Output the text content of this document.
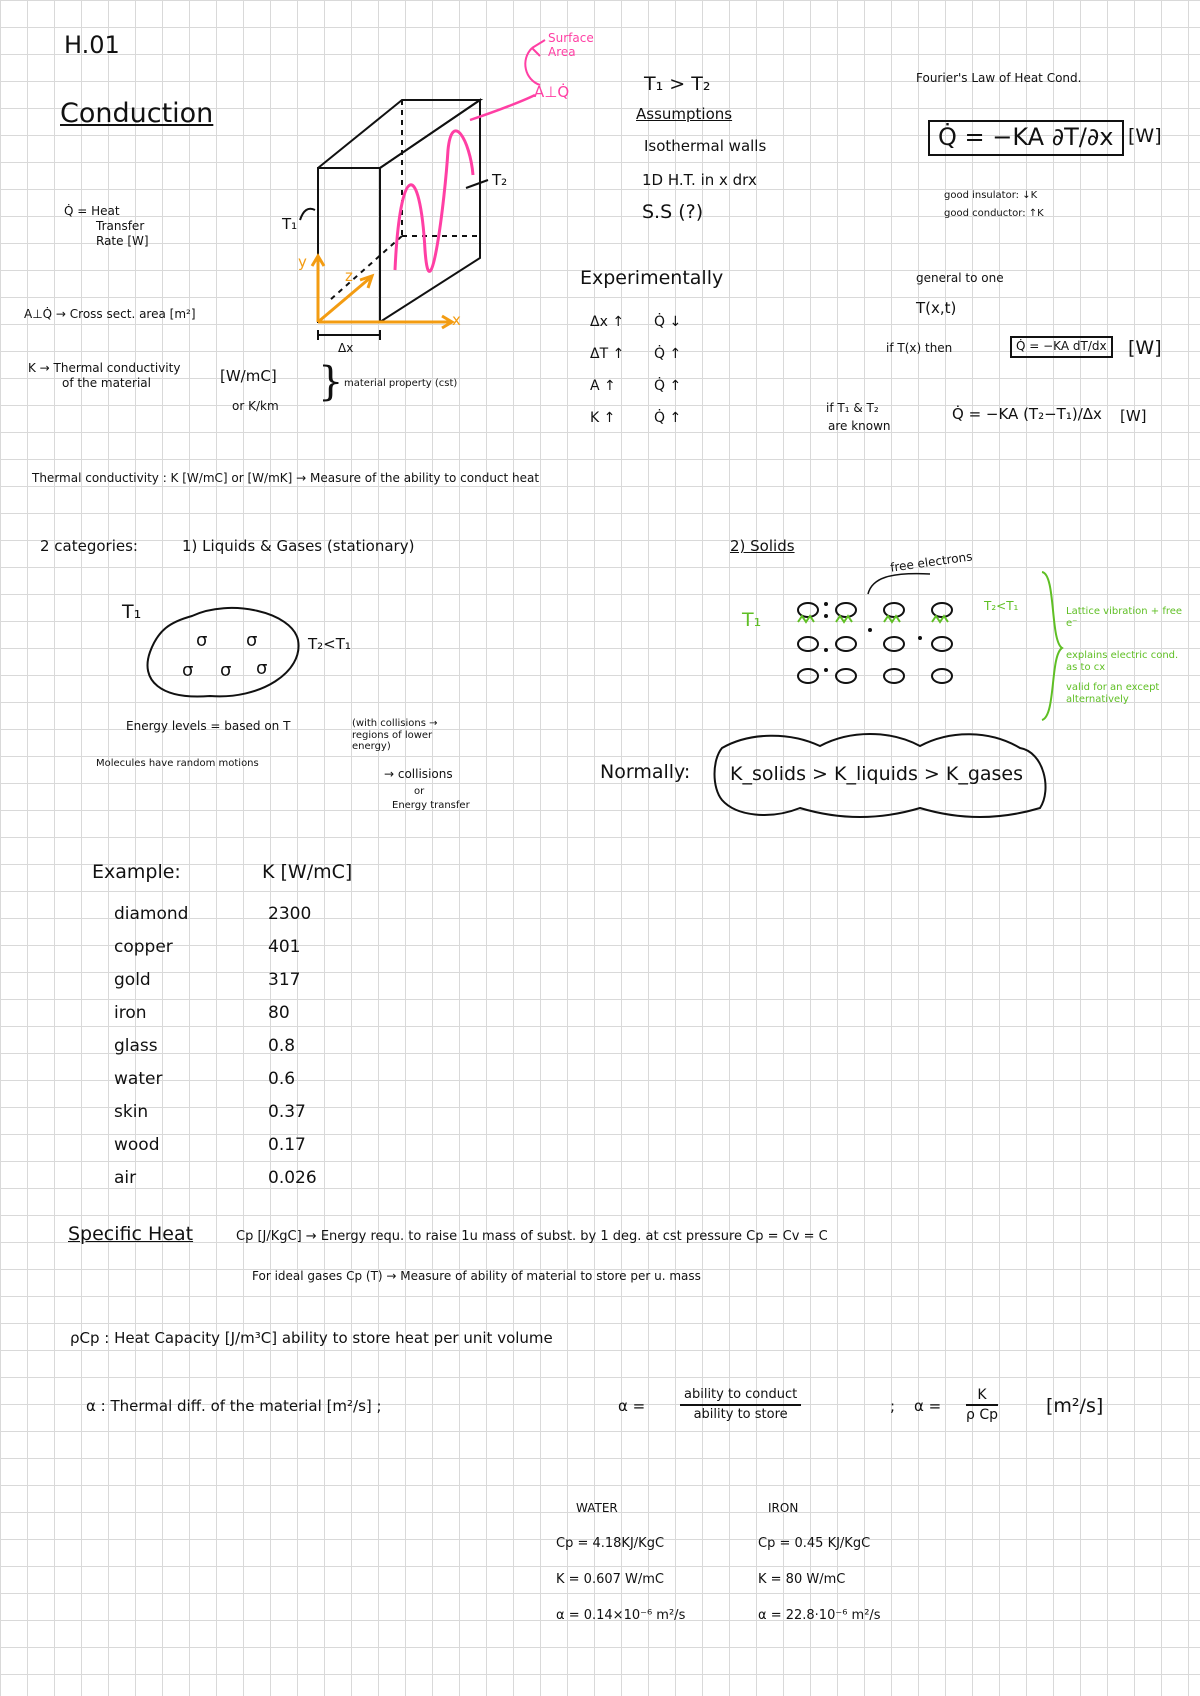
H.01
Conduction
Surface Area
A⊥Q̇
T₁
T₂
x
y
z
Δx
Q̇ = Heat
Transfer
Rate [W]
A⊥Q̇ → Cross sect. area [m²]
K → Thermal conductivity
of the material	[W/mC]
or K/km
material property (cst)
}
T₁ > T₂
Assumptions
Isothermal walls
1D H.T. in x drx
S.S (?)
Experimentally
Δx ↑ Q̇ ↓
ΔT ↑ Q̇ ↑
A ↑	Q̇ ↑
K ↑	Q̇ ↑
Fourier's Law of Heat Cond.
Q̇ = −KA ∂T/∂x [W]
good insulator: ↓K
good conductor: ↑K
general to one
T(x,t)
if T(x) then	Q̇ = −KA dT/dx	[W]
if T₁ & T₂
are known
Q̇ = −KA (T₂−T₁)/Δx [W]
Thermal conductivity : K [W/mC] or [W/mK] → Measure of the ability to conduct heat
2 categories:	1) Liquids & Gases (stationary)
T₁
σ σ
σ σ σ
T₂<T₁
Energy levels = based on T	(with collisions → regions of lower energy)
Molecules have random motions
→ collisions
or
Energy transfer
2) Solids
free electrons
T₁
T₂<T₁	Lattice vibration + free e⁻
explains electric cond. as to cx
valid for an except alternatively
Normally: K_solids > K_liquids > K_gases
Example:	K [W/mC]
diamond	2300
copper	401
gold	317
iron	80
glass	0.8
water	0.6
skin	0.37
wood	0.17
air	0.026
Specific Heat	Cp [J/KgC] → Energy requ. to raise 1u mass of subst. by 1 deg. at cst pressure Cp = Cv = C
For ideal gases Cp (T) → Measure of ability of material to store per u. mass
ρCp : Heat Capacity [J/m³C] ability to store heat per unit volume
α : Thermal diff. of the material [m²/s] ;	α =
ability to conduct
ability to store	; $\alpha = \frac{K}{\text{ρ Cp}}$	[m²/s]
WATER
Cp = 4.18KJ/KgC
K = 0.607 W/mC
α = 0.14×10⁻⁶ m²/s
IRON
Cp = 0.45 KJ/KgC
K = 80 W/mC
α = 22.8·10⁻⁶ m²/s
